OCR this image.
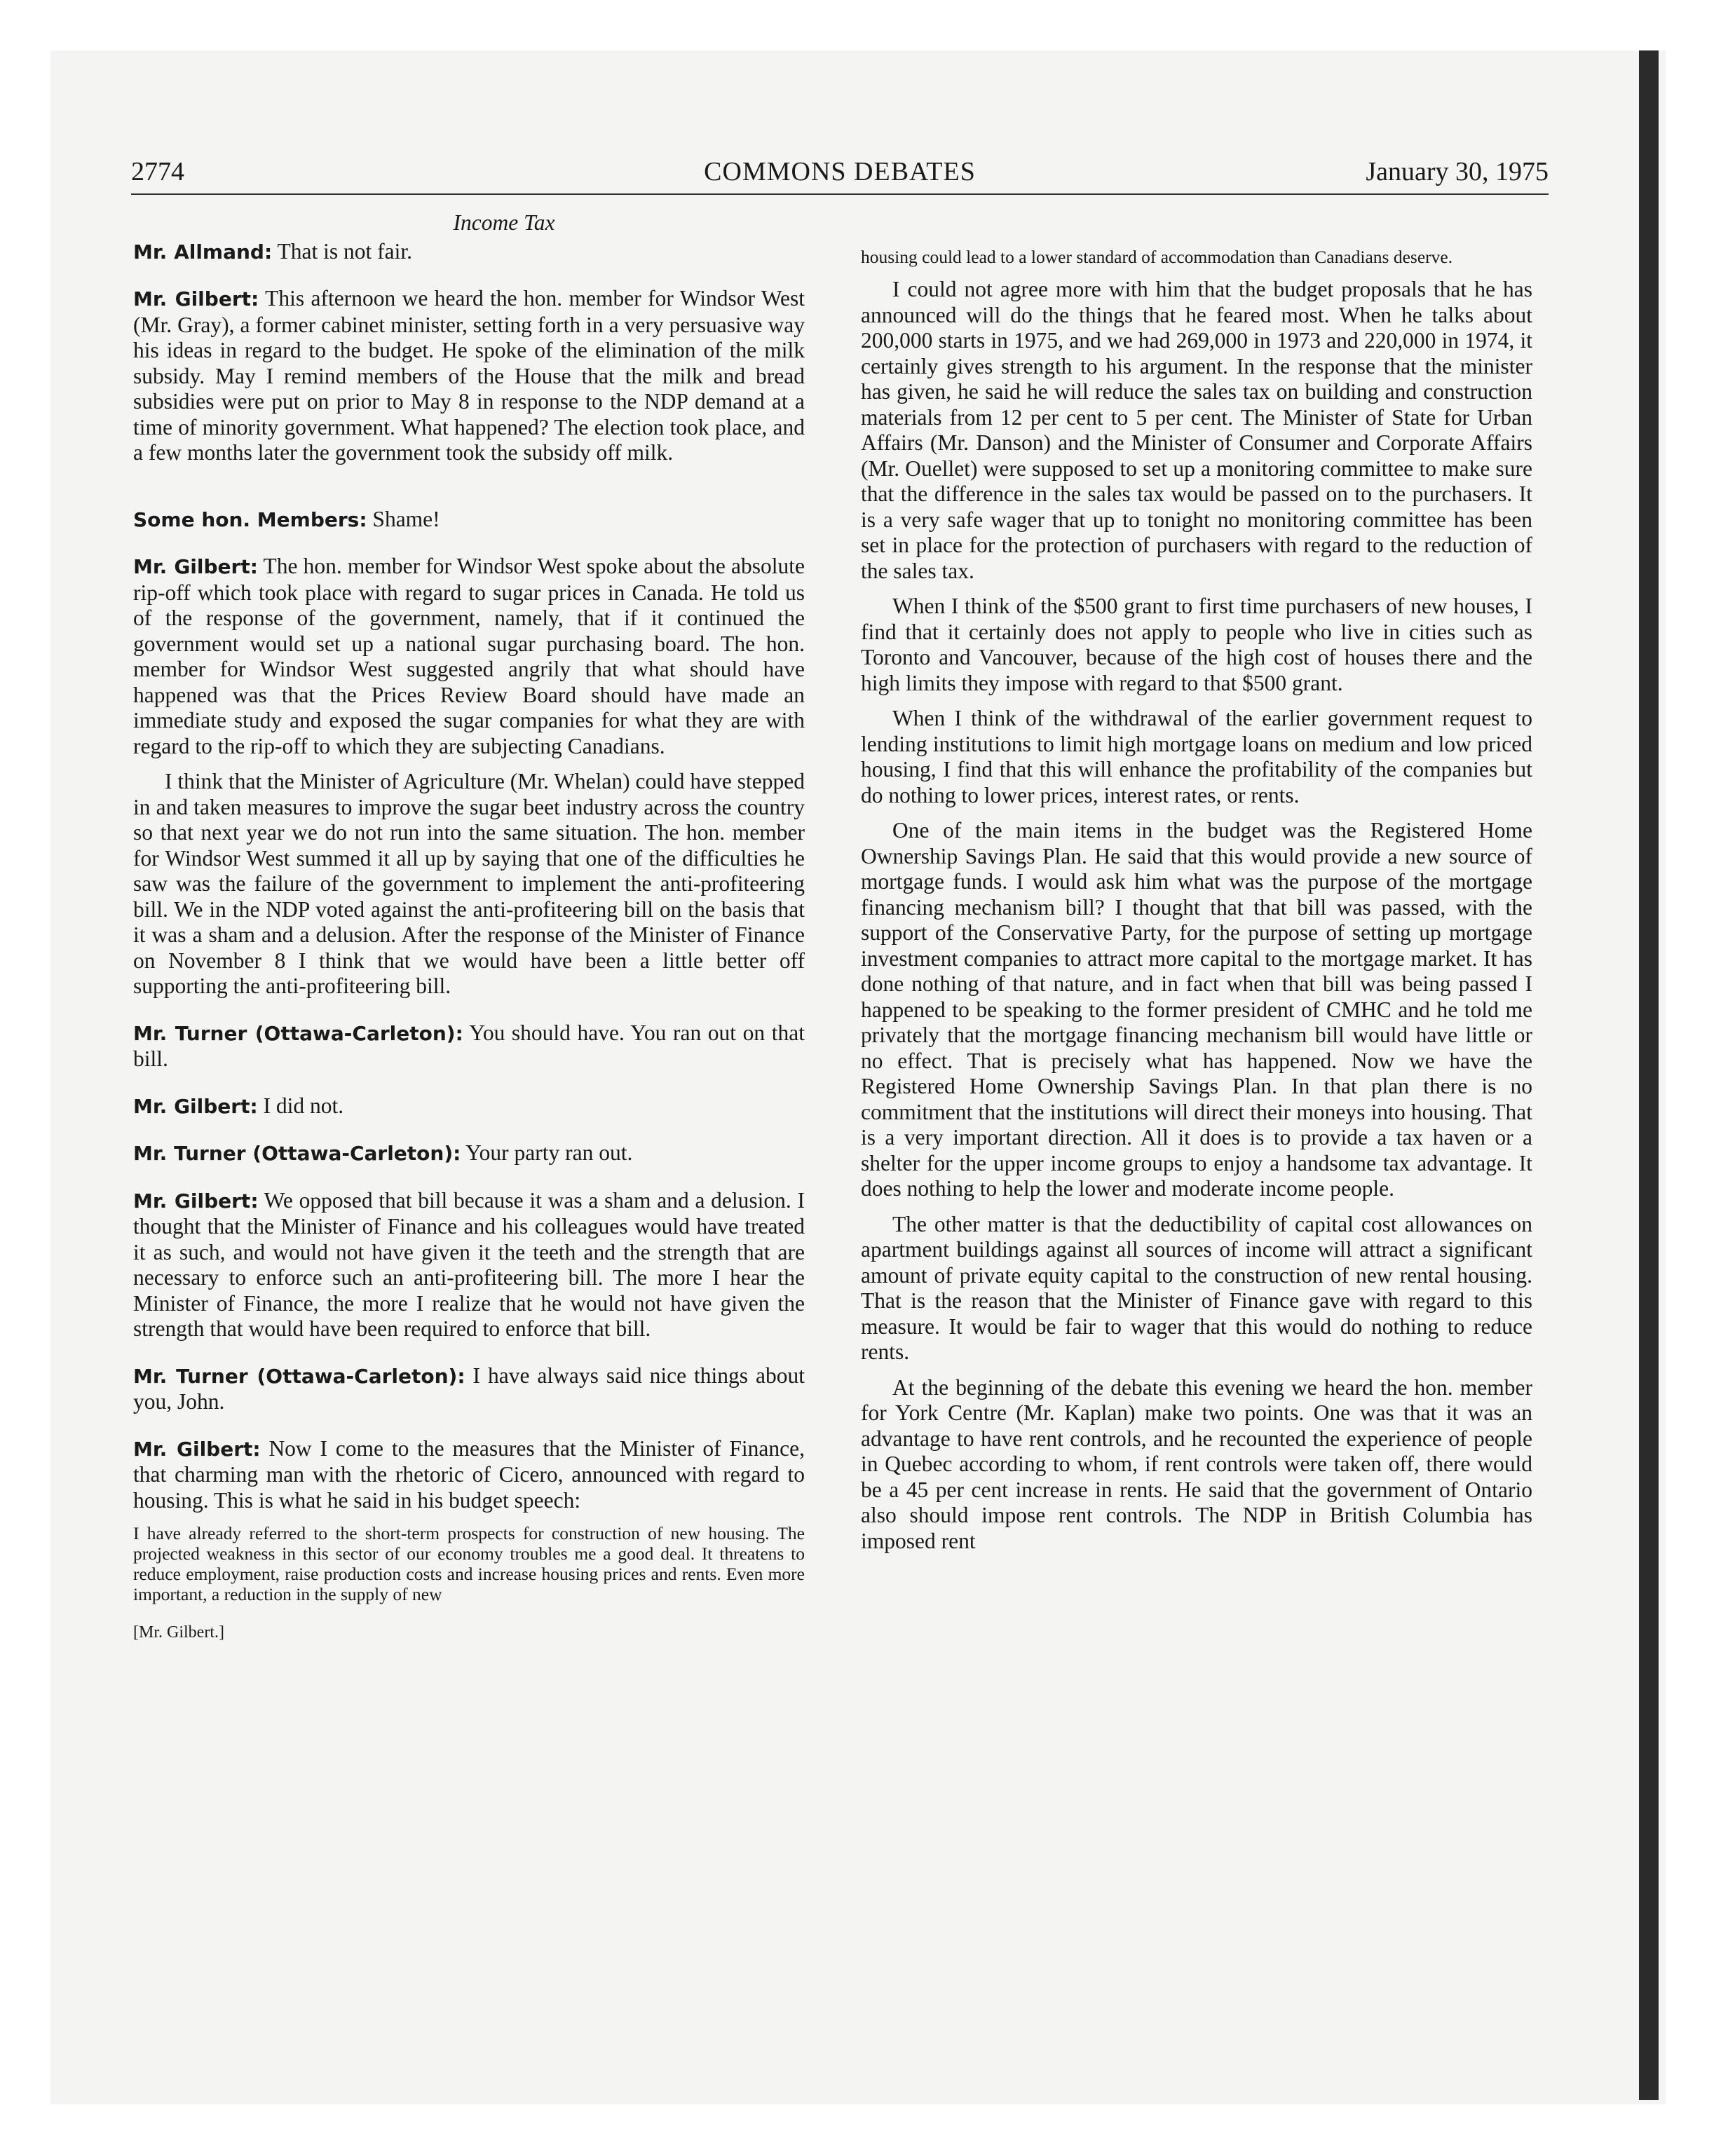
2774	COMMONS DEBATES	January 30, 1975

Income Tax

Mr. Allmand: That is not fair.

Mr. Gilbert: This afternoon we heard the hon. member for Windsor West (Mr. Gray), a former cabinet minister, setting forth in a very persuasive way his ideas in regard to the budget. He spoke of the elimination of the milk subsidy. May I remind members of the House that the milk and bread subsidies were put on prior to May 8 in response to the NDP demand at a time of minority government. What happened? The election took place, and a few months later the government took the subsidy off milk.

Some hon. Members: Shame!

Mr. Gilbert: The hon. member for Windsor West spoke about the absolute rip-off which took place with regard to sugar prices in Canada. He told us of the response of the government, namely, that if it continued the government would set up a national sugar purchasing board. The hon. member for Windsor West suggested angrily that what should have happened was that the Prices Review Board should have made an immediate study and exposed the sugar companies for what they are with regard to the rip-off to which they are subjecting Canadians.

I think that the Minister of Agriculture (Mr. Whelan) could have stepped in and taken measures to improve the sugar beet industry across the country so that next year we do not run into the same situation. The hon. member for Windsor West summed it all up by saying that one of the difficulties he saw was the failure of the government to implement the anti-profiteering bill. We in the NDP voted against the anti-profiteering bill on the basis that it was a sham and a delusion. After the response of the Minister of Finance on November 8 I think that we would have been a little better off supporting the anti-profiteering bill.

Mr. Turner (Ottawa-Carleton): You should have. You ran out on that bill.

Mr. Gilbert: I did not.

Mr. Turner (Ottawa-Carleton): Your party ran out.

Mr. Gilbert: We opposed that bill because it was a sham and a delusion. I thought that the Minister of Finance and his colleagues would have treated it as such, and would not have given it the teeth and the strength that are necessary to enforce such an anti-profiteering bill. The more I hear the Minister of Finance, the more I realize that he would not have given the strength that would have been required to enforce that bill.

Mr. Turner (Ottawa-Carleton): I have always said nice things about you, John.

Mr. Gilbert: Now I come to the measures that the Minister of Finance, that charming man with the rhetoric of Cicero, announced with regard to housing. This is what he said in his budget speech:

I have already referred to the short-term prospects for construction of new housing. The projected weakness in this sector of our economy troubles me a good deal. It threatens to reduce employment, raise production costs and increase housing prices and rents. Even more important, a reduction in the supply of new

[Mr. Gilbert.]

housing could lead to a lower standard of accommodation than Canadians deserve.

I could not agree more with him that the budget proposals that he has announced will do the things that he feared most. When he talks about 200,000 starts in 1975, and we had 269,000 in 1973 and 220,000 in 1974, it certainly gives strength to his argument. In the response that the minister has given, he said he will reduce the sales tax on building and construction materials from 12 per cent to 5 per cent. The Minister of State for Urban Affairs (Mr. Danson) and the Minister of Consumer and Corporate Affairs (Mr. Ouellet) were supposed to set up a monitoring committee to make sure that the difference in the sales tax would be passed on to the purchasers. It is a very safe wager that up to tonight no monitoring committee has been set in place for the protection of purchasers with regard to the reduction of the sales tax.

When I think of the $500 grant to first time purchasers of new houses, I find that it certainly does not apply to people who live in cities such as Toronto and Vancouver, because of the high cost of houses there and the high limits they impose with regard to that $500 grant.

When I think of the withdrawal of the earlier government request to lending institutions to limit high mortgage loans on medium and low priced housing, I find that this will enhance the profitability of the companies but do nothing to lower prices, interest rates, or rents.

One of the main items in the budget was the Registered Home Ownership Savings Plan. He said that this would provide a new source of mortgage funds. I would ask him what was the purpose of the mortgage financing mechanism bill? I thought that that bill was passed, with the support of the Conservative Party, for the purpose of setting up mortgage investment companies to attract more capital to the mortgage market. It has done nothing of that nature, and in fact when that bill was being passed I happened to be speaking to the former president of CMHC and he told me privately that the mortgage financing mechanism bill would have little or no effect. That is precisely what has happened. Now we have the Registered Home Ownership Savings Plan. In that plan there is no commitment that the institutions will direct their moneys into housing. That is a very important direction. All it does is to provide a tax haven or a shelter for the upper income groups to enjoy a handsome tax advantage. It does nothing to help the lower and moderate income people.

The other matter is that the deductibility of capital cost allowances on apartment buildings against all sources of income will attract a significant amount of private equity capital to the construction of new rental housing. That is the reason that the Minister of Finance gave with regard to this measure. It would be fair to wager that this would do nothing to reduce rents.

At the beginning of the debate this evening we heard the hon. member for York Centre (Mr. Kaplan) make two points. One was that it was an advantage to have rent controls, and he recounted the experience of people in Quebec according to whom, if rent controls were taken off, there would be a 45 per cent increase in rents. He said that the government of Ontario also should impose rent controls. The NDP in British Columbia has imposed rent
